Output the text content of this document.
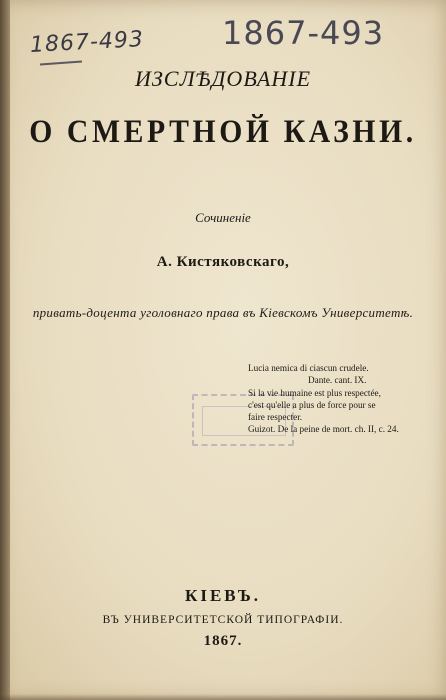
1867-493 1867-493
ИЗСЛѢДОВАНІЕ
О СМЕРТНОЙ КАЗНИ.
Сочиненіе
А. Кистяковскаго,
привать-доцента уголовнаго права въ Кіевскомъ Университетѣ.
Lucia nemica di ciascun crudele.
Dante. cant. IX.
Si la vie humaine est plus respectée,
c'est qu'elle a plus de force pour se
faire respecter.
Guizot. De la peine de mort. ch. II, c. 24.
КІЕВЪ.
ВЪ УНИВЕРСИТЕТСКОЙ ТИПОГРАФІИ.
1867.
